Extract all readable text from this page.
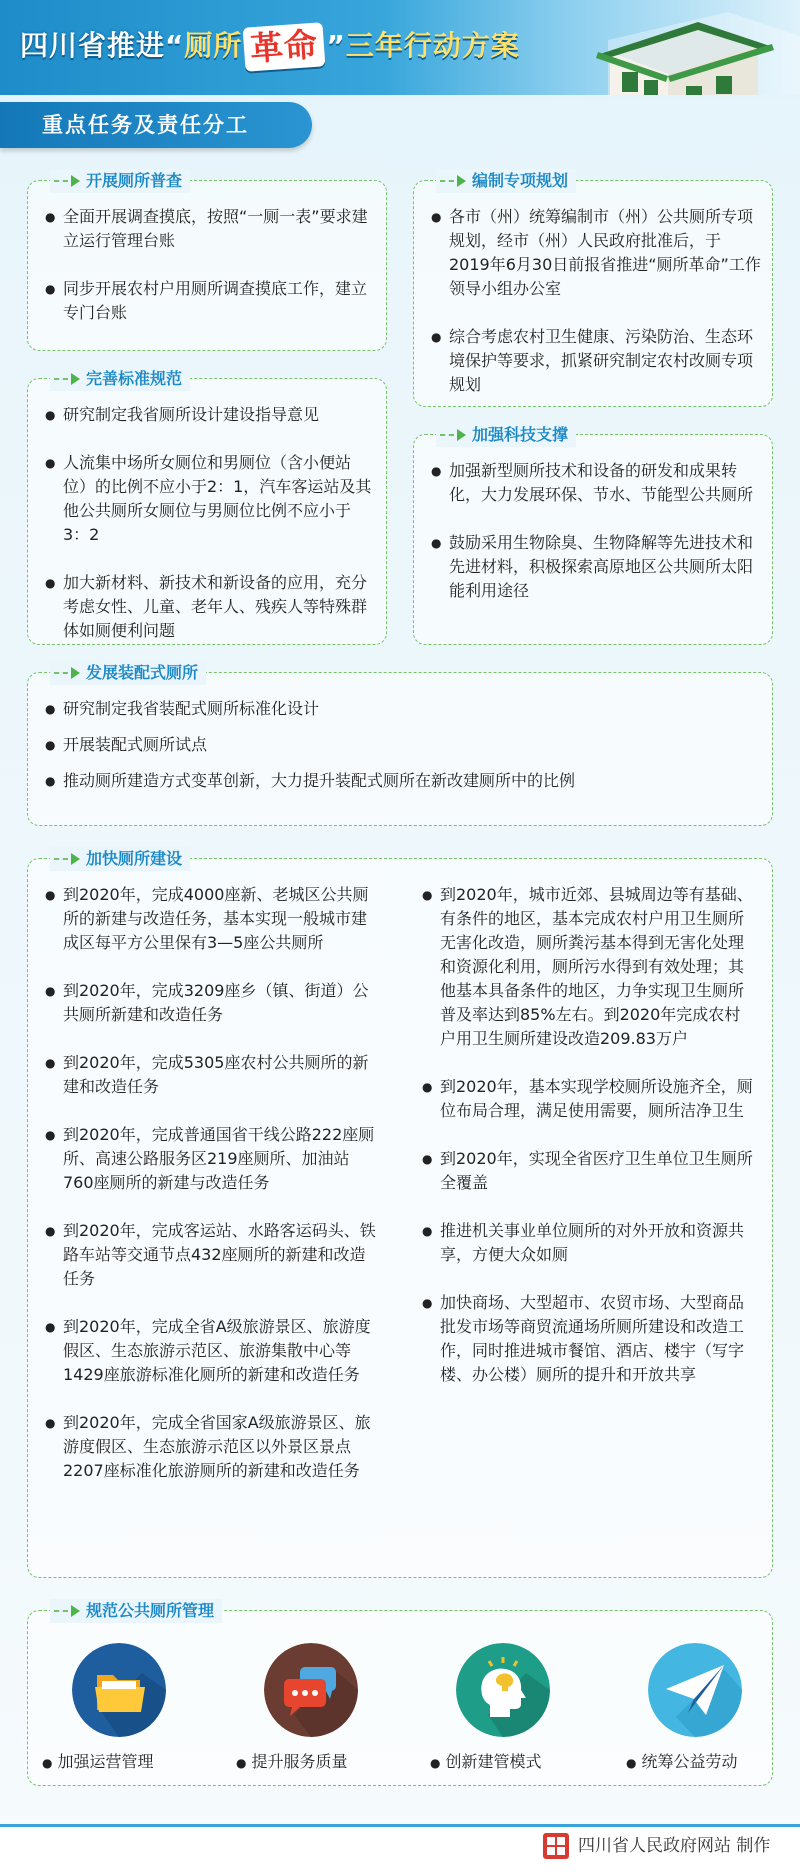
四川省推进“厕所 革命 ”三年行动方案
重点任务及责任分工
开展厕所普查
● 全面开展调查摸底，按照“一厕一表”要求建立运行管理台账
● 同步开展农村户用厕所调查摸底工作，建立专门台账
编制专项规划
● 各市（州）统筹编制市（州）公共厕所专项规划，经市（州）人民政府批准后，于2019年6月30日前报省推进“厕所革命”工作领导小组办公室
● 综合考虑农村卫生健康、污染防治、生态环境保护等要求，抓紧研究制定农村改厕专项规划
完善标准规范
● 研究制定我省厕所设计建设指导意见
● 人流集中场所女厕位和男厕位（含小便站位）的比例不应小于2：1，汽车客运站及其他公共厕所女厕位与男厕位比例不应小于3：2
● 加大新材料、新技术和新设备的应用，充分考虑女性、儿童、老年人、残疾人等特殊群体如厕便利问题
加强科技支撑
● 加强新型厕所技术和设备的研发和成果转化，大力发展环保、节水、节能型公共厕所
● 鼓励采用生物除臭、生物降解等先进技术和先进材料，积极探索高原地区公共厕所太阳能利用途径
发展装配式厕所
● 研究制定我省装配式厕所标准化设计
● 开展装配式厕所试点
● 推动厕所建造方式变革创新，大力提升装配式厕所在新改建厕所中的比例
加快厕所建设
● 到2020年，完成4000座新、老城区公共厕所的新建与改造任务，基本实现一般城市建成区每平方公里保有3—5座公共厕所
● 到2020年，完成3209座乡（镇、街道）公共厕所新建和改造任务
● 到2020年，完成5305座农村公共厕所的新建和改造任务
● 到2020年，完成普通国省干线公路222座厕所、高速公路服务区219座厕所、加油站760座厕所的新建与改造任务
● 到2020年，完成客运站、水路客运码头、铁路车站等交通节点432座厕所的新建和改造任务
● 到2020年，完成全省A级旅游景区、旅游度假区、生态旅游示范区、旅游集散中心等1429座旅游标准化厕所的新建和改造任务
● 到2020年，完成全省国家A级旅游景区、旅游度假区、生态旅游示范区以外景区景点2207座标准化旅游厕所的新建和改造任务
● 到2020年，城市近郊、县城周边等有基础、有条件的地区，基本完成农村户用卫生厕所无害化改造，厕所粪污基本得到无害化处理和资源化利用，厕所污水得到有效处理；其他基本具备条件的地区，力争实现卫生厕所普及率达到85%左右。到2020年完成农村户用卫生厕所建设改造209.83万户
● 到2020年，基本实现学校厕所设施齐全，厕位布局合理，满足使用需要，厕所洁净卫生
● 到2020年，实现全省医疗卫生单位卫生厕所全覆盖
● 推进机关事业单位厕所的对外开放和资源共享，方便大众如厕
● 加快商场、大型超市、农贸市场、大型商品批发市场等商贸流通场所厕所建设和改造工作，同时推进城市餐馆、酒店、楼宇（写字楼、办公楼）厕所的提升和开放共享
规范公共厕所管理
● 加强运营管理	● 提升服务质量	● 创新建管模式	● 统筹公益劳动
四川省人民政府网站 制作
